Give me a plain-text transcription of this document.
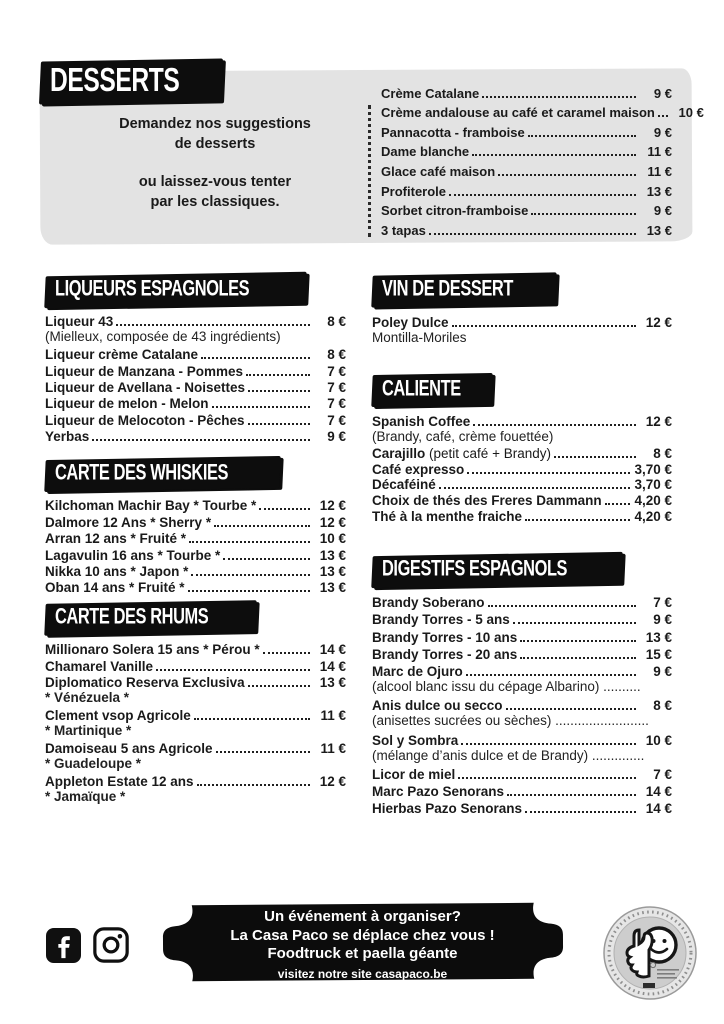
DESSERTS
Demandez nos suggestions
de desserts
ou laissez-vous tenter
par les classiques.
Crème Catalane	9 €
Crème andalouse au café et caramel maison	10 €
Pannacotta - framboise	9 €
Dame blanche	11 €
Glace café maison	11 €
Profiterole	13 €
Sorbet citron-framboise	9 €
3 tapas	13 €
LIQUEURS ESPAGNOLES
Liqueur 43	8 €
(Mielleux, composée de 43 ingrédients)
Liqueur crème Catalane	8 €
Liqueur de Manzana - Pommes	7 €
Liqueur de Avellana - Noisettes	7 €
Liqueur de melon - Melon	7 €
Liqueur de Melocoton - Pêches	7 €
Yerbas	9 €
CARTE DES WHISKIES
Kilchoman Machir Bay * Tourbe *	12 €
Dalmore 12 Ans * Sherry *	12 €
Arran 12 ans * Fruité *	10 €
Lagavulin 16 ans * Tourbe *	13 €
Nikka 10 ans * Japon *	13 €
Oban 14 ans * Fruité *	13 €
CARTE DES RHUMS
Millionaro Solera 15 ans * Pérou *	14 €
Chamarel Vanille	14 €
Diplomatico Reserva Exclusiva	13 €
* Vénézuela *
Clement vsop Agricole	11 €
* Martinique *
Damoiseau 5 ans Agricole	11 €
* Guadeloupe *
Appleton Estate 12 ans	12 €
* Jamaïque *
VIN DE DESSERT
Poley Dulce	12 €
Montilla-Moriles
CALIENTE
Spanish Coffee	12 €
(Brandy, café, crème fouettée)
Carajillo (petit café + Brandy)	8 €
Café expresso	3,70 €
Décaféiné	3,70 €
Choix de thés des Freres Dammann 4,20 €
Thé à la menthe fraiche	4,20 €
DIGESTIFS ESPAGNOLS
Brandy Soberano	7 €
Brandy Torres - 5 ans	9 €
Brandy Torres - 10 ans	13 €
Brandy Torres - 20 ans	15 €
Marc de Ojuro	9 €
(alcool blanc issu du cépage Albarino) ..........
Anis dulce ou secco	8 €
(anisettes sucrées ou sèches) .........................
Sol y Sombra	10 €
(mélange d’anis dulce et de Brandy) ..............
Licor de miel	7 €
Marc Pazo Senorans	14 €
Hierbas Pazo Senorans	14 €
Un événement à organiser?
La Casa Paco se déplace chez vous !
Foodtruck et paella géante
visitez notre site casapaco.be
